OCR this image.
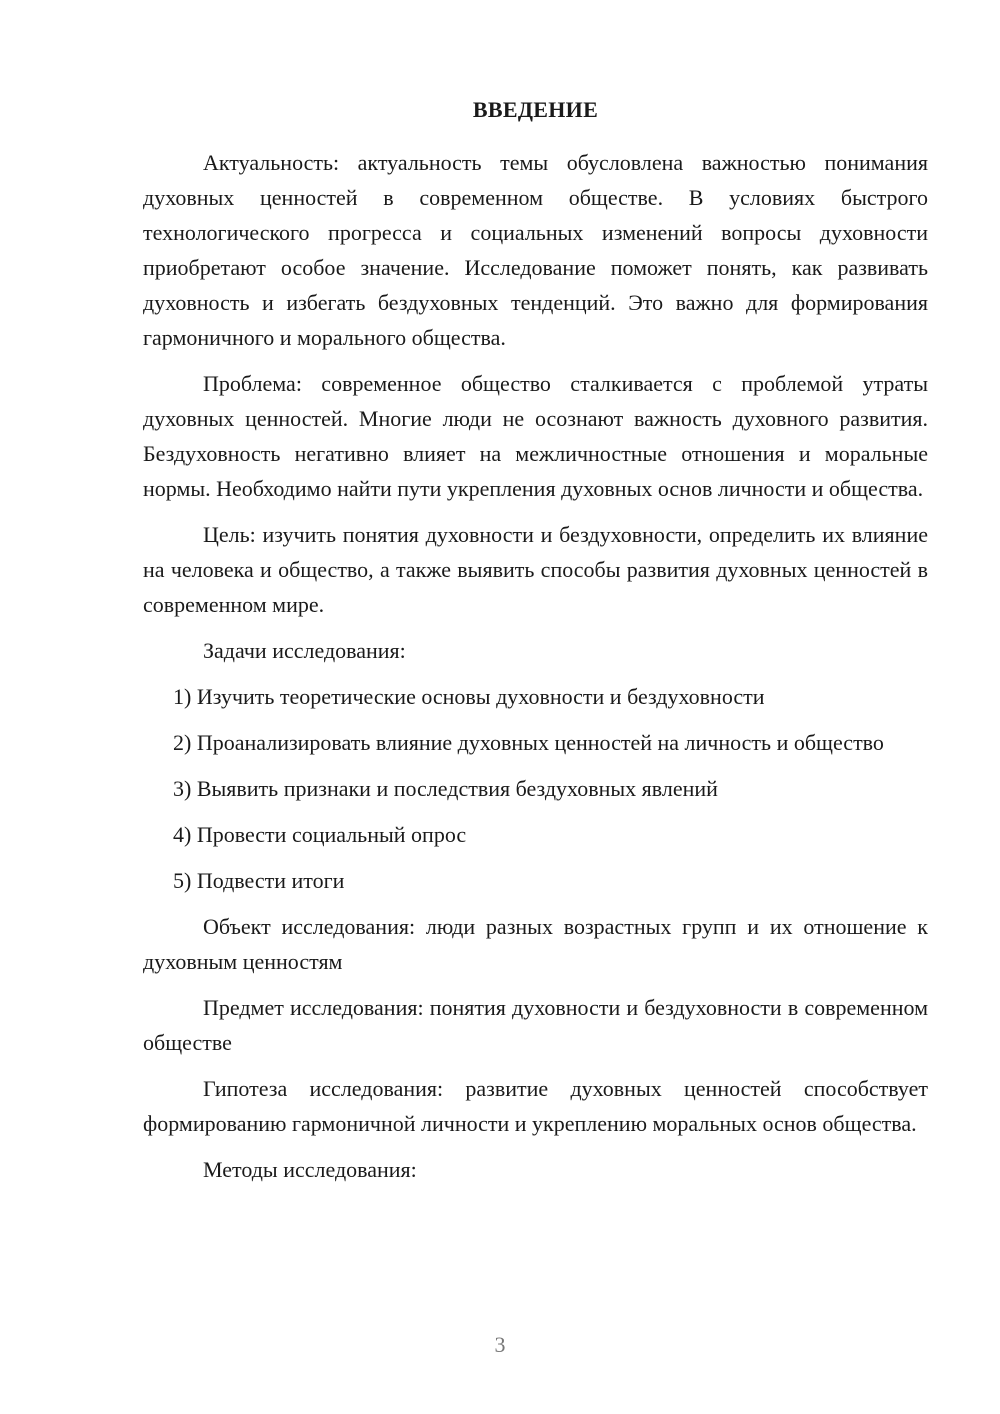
ВВЕДЕНИЕ

Актуальность: актуальность темы обусловлена важностью понимания духовных ценностей в современном обществе. В условиях быстрого технологического прогресса и социальных изменений вопросы духовности приобретают особое значение. Исследование поможет понять, как развивать духовность и избегать бездуховных тенденций. Это важно для формирования гармоничного и морального общества.

Проблема: современное общество сталкивается с проблемой утраты духовных ценностей. Многие люди не осознают важность духовного развития. Бездуховность негативно влияет на межличностные отношения и моральные нормы. Необходимо найти пути укрепления духовных основ личности и общества.

Цель: изучить понятия духовности и бездуховности, определить их влияние на человека и общество, а также выявить способы развития духовных ценностей в современном мире.

Задачи исследования:

1) Изучить теоретические основы духовности и бездуховности

2) Проанализировать влияние духовных ценностей на личность и общество

3) Выявить признаки и последствия бездуховных явлений

4) Провести социальный опрос

5) Подвести итоги

Объект исследования: люди разных возрастных групп и их отношение к духовным ценностям

Предмет исследования: понятия духовности и бездуховности в современном обществе

Гипотеза исследования: развитие духовных ценностей способствует формированию гармоничной личности и укреплению моральных основ общества.

Методы исследования:

3
